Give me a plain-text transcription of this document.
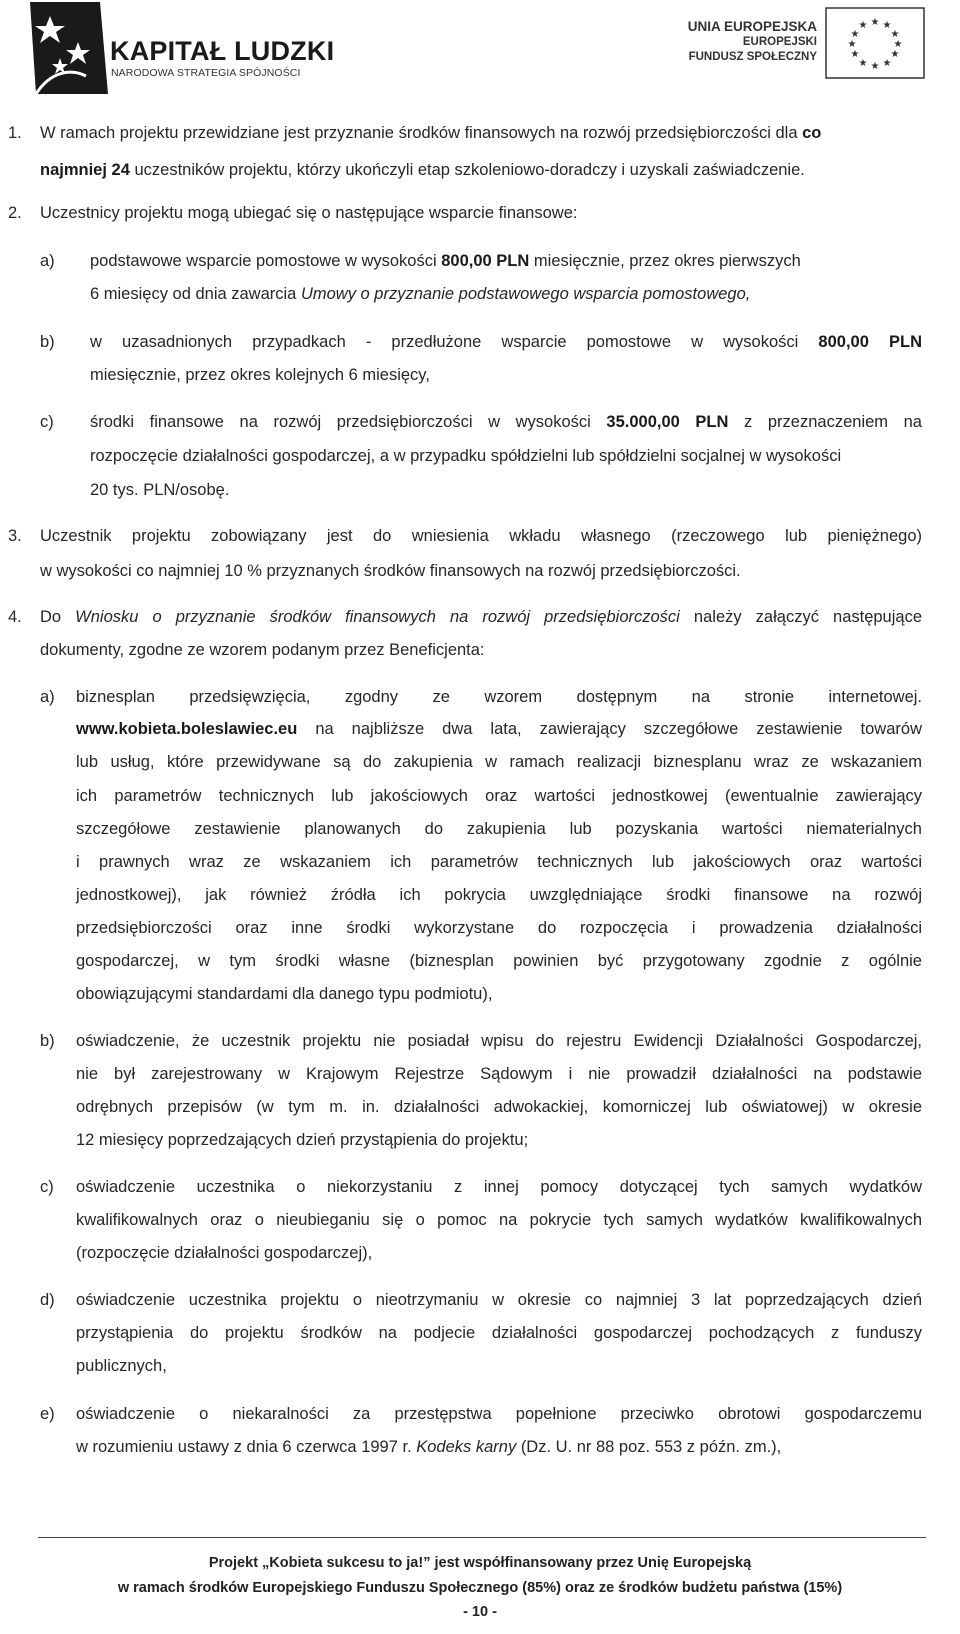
KAPITAŁ LUDZKI
NARODOWA STRATEGIA SPÓJNOŚCI
UNIA EUROPEJSKA
EUROPEJSKI
FUNDUSZ SPOŁECZNY
★ ★
★
★
★
★
★
★
★
★
★
★
1. W ramach projektu przewidziane jest przyznanie środków finansowych na rozwój przedsiębiorczości dla co
najmniej 24 uczestników projektu, którzy ukończyli etap szkoleniowo-doradczy i uzyskali zaświadczenie.
2. Uczestnicy projektu mogą ubiegać się o następujące wsparcie finansowe:
a) podstawowe wsparcie pomostowe w wysokości 800,00 PLN miesięcznie, przez okres pierwszych
6 miesięcy od dnia zawarcia Umowy o przyznanie podstawowego wsparcia pomostowego,
b) w uzasadnionych przypadkach - przedłużone wsparcie pomostowe w wysokości 800,00 PLN
miesięcznie, przez okres kolejnych 6 miesięcy,
c) środki finansowe na rozwój przedsiębiorczości w wysokości 35.000,00 PLN z przeznaczeniem na
rozpoczęcie działalności gospodarczej, a w przypadku spółdzielni lub spółdzielni socjalnej w wysokości
20 tys. PLN/osobę.
3. Uczestnik projektu zobowiązany jest do wniesienia wkładu własnego (rzeczowego lub pieniężnego)
w wysokości co najmniej 10 % przyznanych środków finansowych na rozwój przedsiębiorczości.
4. Do Wniosku o przyznanie środków finansowych na rozwój przedsiębiorczości należy załączyć następujące
dokumenty, zgodne ze wzorem podanym przez Beneficjenta:
a) biznesplan przedsięwzięcia, zgodny ze wzorem dostępnym na stronie internetowej.
www.kobieta.boleslawiec.eu na najbliższe dwa lata, zawierający szczegółowe zestawienie towarów
lub usług, które przewidywane są do zakupienia w ramach realizacji biznesplanu wraz ze wskazaniem
ich parametrów technicznych lub jakościowych oraz wartości jednostkowej (ewentualnie zawierający
szczegółowe zestawienie planowanych do zakupienia lub pozyskania wartości niematerialnych
i prawnych wraz ze wskazaniem ich parametrów technicznych lub jakościowych oraz wartości
jednostkowej), jak również źródła ich pokrycia uwzględniające środki finansowe na rozwój
przedsiębiorczości oraz inne środki wykorzystane do rozpoczęcia i prowadzenia działalności
gospodarczej, w tym środki własne (biznesplan powinien być przygotowany zgodnie z ogólnie
obowiązującymi standardami dla danego typu podmiotu),
b) oświadczenie, że uczestnik projektu nie posiadał wpisu do rejestru Ewidencji Działalności Gospodarczej,
nie był zarejestrowany w Krajowym Rejestrze Sądowym i nie prowadził działalności na podstawie
odrębnych przepisów (w tym m. in. działalności adwokackiej, komorniczej lub oświatowej) w okresie
12 miesięcy poprzedzających dzień przystąpienia do projektu;
c) oświadczenie uczestnika o niekorzystaniu z innej pomocy dotyczącej tych samych wydatków
kwalifikowalnych oraz o nieubieganiu się o pomoc na pokrycie tych samych wydatków kwalifikowalnych
(rozpoczęcie działalności gospodarczej),
d) oświadczenie uczestnika projektu o nieotrzymaniu w okresie co najmniej 3 lat poprzedzających dzień
przystąpienia do projektu środków na podjecie działalności gospodarczej pochodzących z funduszy
publicznych,
e) oświadczenie o niekaralności za przestępstwa popełnione przeciwko obrotowi gospodarczemu
w rozumieniu ustawy z dnia 6 czerwca 1997 r. Kodeks karny (Dz. U. nr 88 poz. 553 z późn. zm.),
Projekt „Kobieta sukcesu to ja!” jest współfinansowany przez Unię Europejską
w ramach środków Europejskiego Funduszu Społecznego (85%) oraz ze środków budżetu państwa (15%)
- 10 -
